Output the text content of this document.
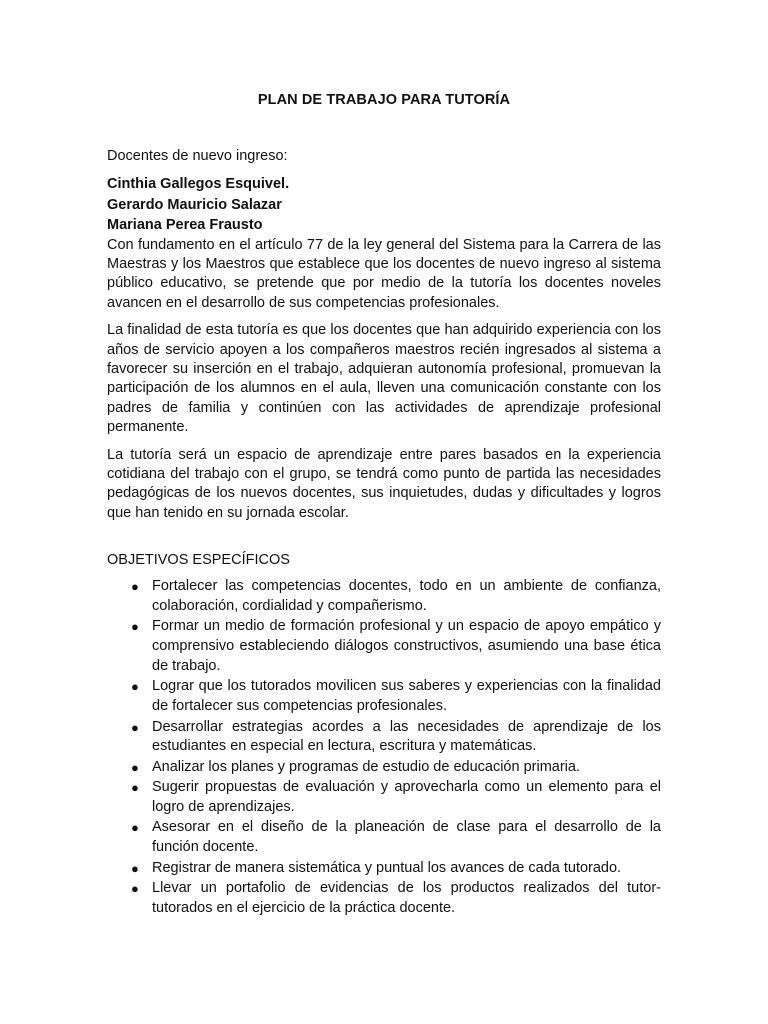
PLAN DE TRABAJO PARA TUTORÍA

Docentes de nuevo ingreso:

Cinthia Gallegos Esquivel.
Gerardo Mauricio Salazar
Mariana Perea Frausto

Con fundamento en el artículo 77 de la ley general del Sistema para la Carrera de las Maestras y los Maestros que establece que los docentes de nuevo ingreso al sistema público educativo, se pretende que por medio de la tutoría los docentes noveles avancen en el desarrollo de sus competencias profesionales.

La finalidad de esta tutoría es que los docentes que han adquirido experiencia con los años de servicio apoyen a los compañeros maestros recién ingresados al sistema a favorecer su inserción en el trabajo, adquieran autonomía profesional, promuevan la participación de los alumnos en el aula, lleven una comunicación constante con los padres de familia y continúen con las actividades de aprendizaje profesional permanente.

La tutoría será un espacio de aprendizaje entre pares basados en la experiencia cotidiana del trabajo con el grupo, se tendrá como punto de partida las necesidades pedagógicas de los nuevos docentes, sus inquietudes, dudas y dificultades y logros que han tenido en su jornada escolar.

OBJETIVOS ESPECÍFICOS

● Fortalecer las competencias docentes, todo en un ambiente de confianza, colaboración, cordialidad y compañerismo.
● Formar un medio de formación profesional y un espacio de apoyo empático y comprensivo estableciendo diálogos constructivos, asumiendo una base ética de trabajo.
● Lograr que los tutorados movilicen sus saberes y experiencias con la finalidad de fortalecer sus competencias profesionales.
● Desarrollar estrategias acordes a las necesidades de aprendizaje de los estudiantes en especial en lectura, escritura y matemáticas.
● Analizar los planes y programas de estudio de educación primaria.
● Sugerir propuestas de evaluación y aprovecharla como un elemento para el logro de aprendizajes.
● Asesorar en el diseño de la planeación de clase para el desarrollo de la función docente.
● Registrar de manera sistemática y puntual los avances de cada tutorado.
● Llevar un portafolio de evidencias de los productos realizados del tutor-tutorados en el ejercicio de la práctica docente.
